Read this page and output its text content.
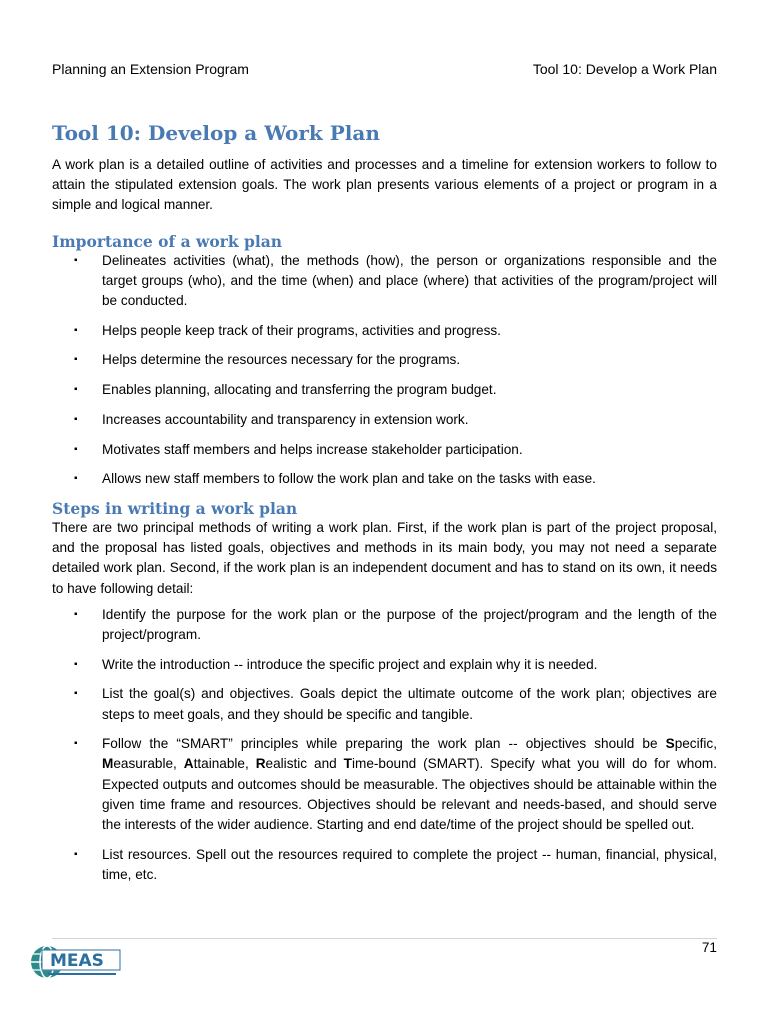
Planning an Extension Program	Tool 10: Develop a Work Plan
Tool 10: Develop a Work Plan

A work plan is a detailed outline of activities and processes and a timeline for extension workers to follow to attain the stipulated extension goals. The work plan presents various elements of a project or program in a simple and logical manner.

Importance of a work plan
▪ Delineates activities (what), the methods (how), the person or organizations responsible and the target groups (who), and the time (when) and place (where) that activities of the program/project will be conducted.
▪ Helps people keep track of their programs, activities and progress.
▪ Helps determine the resources necessary for the programs.
▪ Enables planning, allocating and transferring the program budget.
▪ Increases accountability and transparency in extension work.
▪ Motivates staff members and helps increase stakeholder participation.
▪ Allows new staff members to follow the work plan and take on the tasks with ease.
Steps in writing a work plan

There are two principal methods of writing a work plan. First, if the work plan is part of the project proposal, and the proposal has listed goals, objectives and methods in its main body, you may not need a separate detailed work plan. Second, if the work plan is an independent document and has to stand on its own, it needs to have following detail:

▪ Identify the purpose for the work plan or the purpose of the project/program and the length of the project/program.
▪ Write the introduction -- introduce the specific project and explain why it is needed.
▪ List the goal(s) and objectives. Goals depict the ultimate outcome of the work plan; objectives are steps to meet goals, and they should be specific and tangible.
▪ Follow the “SMART” principles while preparing the work plan -- objectives should be Specific, Measurable, Attainable, Realistic and Time-bound (SMART). Specify what you will do for whom. Expected outputs and outcomes should be measurable. The objectives should be attainable within the given time frame and resources. Objectives should be relevant and needs-based, and should serve the interests of the wider audience. Starting and end date/time of the project should be spelled out.
▪ List resources. Spell out the resources required to complete the project -- human, financial, physical, time, etc.
MEAS
71
